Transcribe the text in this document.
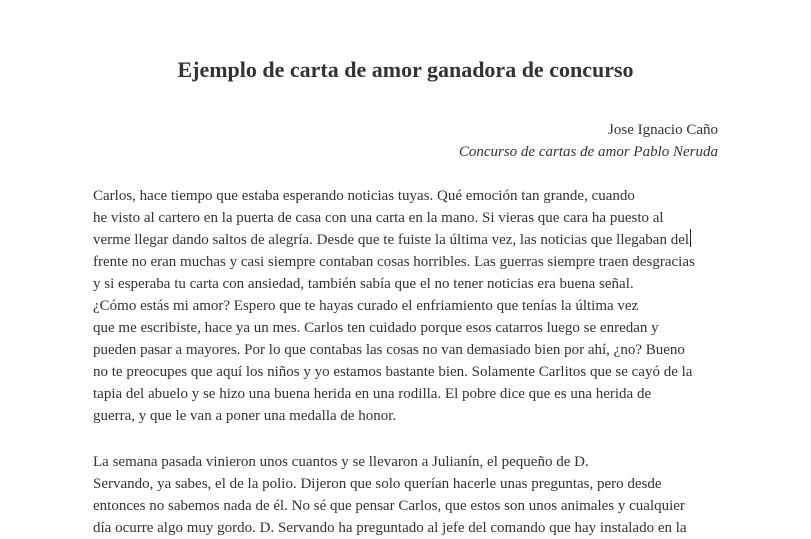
Ejemplo de carta de amor ganadora de concurso
Jose Ignacio Caño
Concurso de cartas de amor Pablo Neruda
Carlos, hace tiempo que estaba esperando noticias tuyas. Qué emoción tan grande, cuando
he visto al cartero en la puerta de casa con una carta en la mano. Si vieras que cara ha puesto al
verme llegar dando saltos de alegría. Desde que te fuiste la última vez, las noticias que llegaban del
frente no eran muchas y casi siempre contaban cosas horribles. Las guerras siempre traen desgracias
y si esperaba tu carta con ansiedad, también sabía que el no tener noticias era buena señal.
¿Cómo estás mi amor? Espero que te hayas curado el enfriamiento que tenías la última vez
que me escribiste, hace ya un mes. Carlos ten cuidado porque esos catarros luego se enredan y
pueden pasar a mayores. Por lo que contabas las cosas no van demasiado bien por ahí, ¿no? Bueno
no te preocupes que aquí los niños y yo estamos bastante bien. Solamente Carlitos que se cayó de la
tapia del abuelo y se hizo una buena herida en una rodilla. El pobre dice que es una herida de
guerra, y que le van a poner una medalla de honor.
La semana pasada vinieron unos cuantos y se llevaron a Julianín, el pequeño de D.
Servando, ya sabes, el de la polio. Dijeron que solo querían hacerle unas preguntas, pero desde
entonces no sabemos nada de él. No sé que pensar Carlos, que estos son unos animales y cualquier
día ocurre algo muy gordo. D. Servando ha preguntado al jefe del comando que hay instalado en la
